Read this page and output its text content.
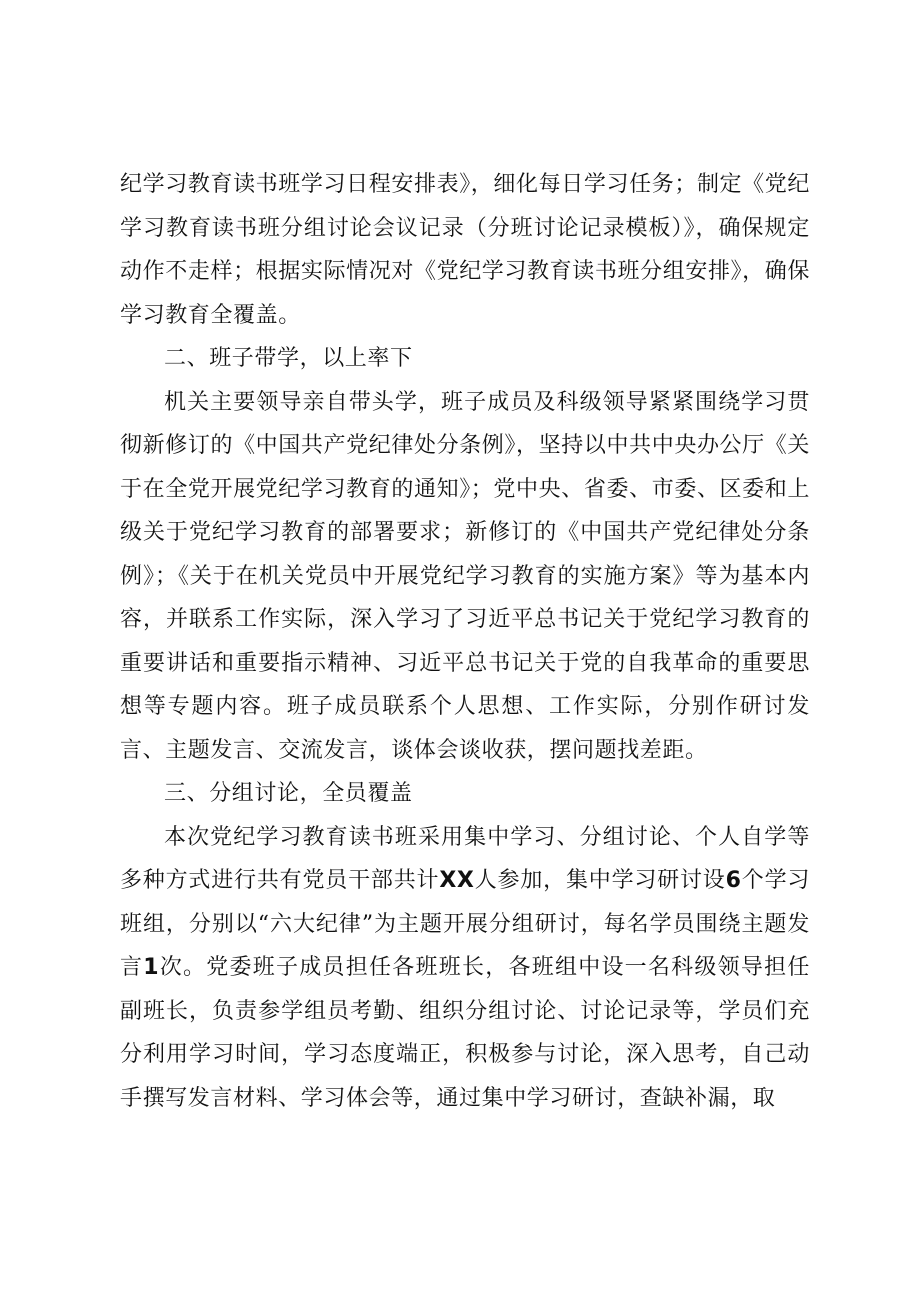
纪学习教育读书班学习日程安排表》，细化每日学习任务；制定《党纪学习教育读书班分组讨论会议记录（分班讨论记录模板）》，确保规定动作不走样；根据实际情况对《党纪学习教育读书班分组安排》，确保学习教育全覆盖。

二、班子带学，以上率下

机关主要领导亲自带头学，班子成员及科级领导紧紧围绕学习贯彻新修订的《中国共产党纪律处分条例》，坚持以中共中央办公厅《关于在全党开展党纪学习教育的通知》；党中央、省委、市委、区委和上级关于党纪学习教育的部署要求；新修订的《中国共产党纪律处分条例》；《关于在机关党员中开展党纪学习教育的实施方案》等为基本内容，并联系工作实际，深入学习了习近平总书记关于党纪学习教育的重要讲话和重要指示精神、习近平总书记关于党的自我革命的重要思想等专题内容。班子成员联系个人思想、工作实际，分别作研讨发言、主题发言、交流发言，谈体会谈收获，摆问题找差距。

三、分组讨论，全员覆盖

本次党纪学习教育读书班采用集中学习、分组讨论、个人自学等多种方式进行共有党员干部共计XX人参加，集中学习研讨设6个学习班组，分别以“六大纪律”为主题开展分组研讨，每名学员围绕主题发言1次。党委班子成员担任各班班长，各班组中设一名科级领导担任副班长，负责参学组员考勤、组织分组讨论、讨论记录等，学员们充分利用学习时间，学习态度端正，积极参与讨论，深入思考，自己动手撰写发言材料、学习体会等，通过集中学习研讨，查缺补漏，取
